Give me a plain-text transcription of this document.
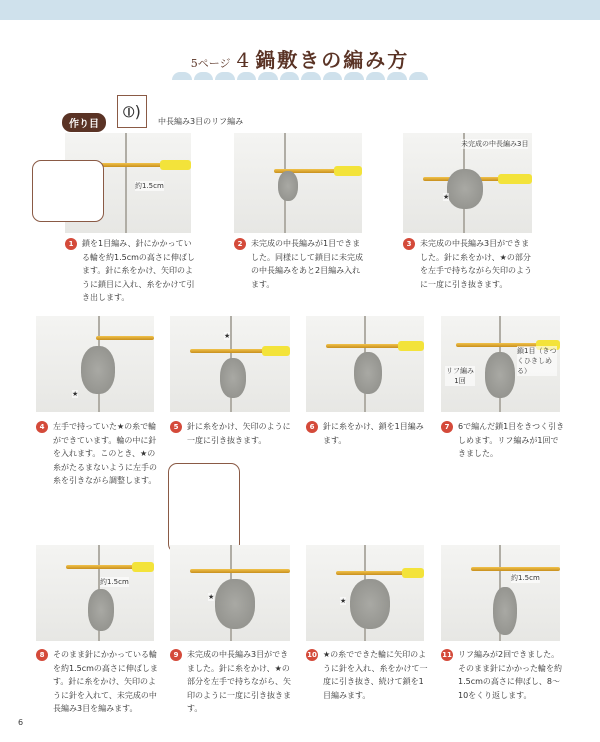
5ページ 4 鍋敷きの編み方
作り目
⦶)
中長編み3目のリフ編み
約1.5cm
未完成の中長編み3目
★
1	鎖を1目編み、針にかかっている輪を約1.5cmの高さに伸ばします。針に糸をかけ、矢印のように鎖目に入れ、糸をかけて引き出します。

2	未完成の中長編みが1目できました。同様にして鎖目に未完成の中長編みをあと2目編み入れます。

3	未完成の中長編み3目ができました。針に糸をかけ、★の部分を左手で持ちながら矢印のように一度に引き抜きます。

★
★
鎖1目（きつくひきしめる）
リフ編み1回
4	左手で持っていた★の糸で輪ができています。輪の中に針を入れます。このとき、★の糸がたるまないように左手の糸を引きながら調整します。

5	針に糸をかけ、矢印のように一度に引き抜きます。

6	針に糸をかけ、鎖を1目編みます。

7	6で編んだ鎖1目をきつく引きしめます。リフ編みが1回できました。

約1.5cm
★	★
約1.5cm
8	そのまま針にかかっている輪を約1.5cmの高さに伸ばします。針に糸をかけ、矢印のように針を入れて、未完成の中長編み3目を編みます。

9	未完成の中長編み3目ができました。針に糸をかけ、★の部分を左手で持ちながら、矢印のように一度に引き抜きます。

10 ★の糸でできた輪に矢印のように針を入れ、糸をかけて一度に引き抜き、続けて鎖を1目編みます。

11 リフ編みが2回できました。そのまま針にかかった輪を約1.5cmの高さに伸ばし、8〜10をくり返します。

6
